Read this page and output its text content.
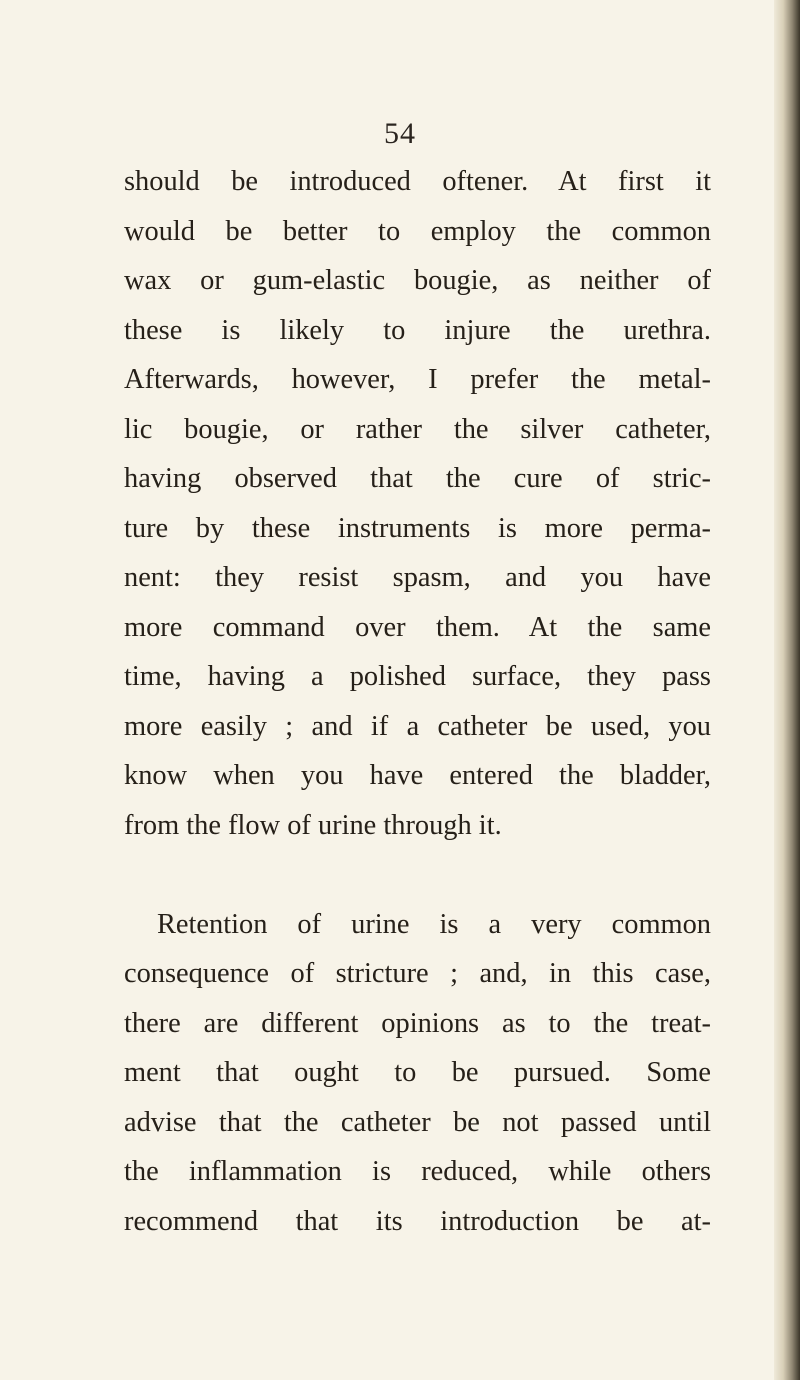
54
should be introduced oftener. At first it
would be better to employ the common
wax or gum-elastic bougie, as neither of
these is likely to injure the urethra.
Afterwards, however, I prefer the metal-
lic bougie, or rather the silver catheter,
having observed that the cure of stric-
ture by these instruments is more perma-
nent: they resist spasm, and you have
more command over them. At the same
time, having a polished surface, they pass
more easily ; and if a catheter be used, you
know when you have entered the bladder,
from the flow of urine through it.
Retention of urine is a very common
consequence of stricture ; and, in this case,
there are different opinions as to the treat-
ment that ought to be pursued. Some
advise that the catheter be not passed until
the inflammation is reduced, while others
recommend that its introduction be at-
